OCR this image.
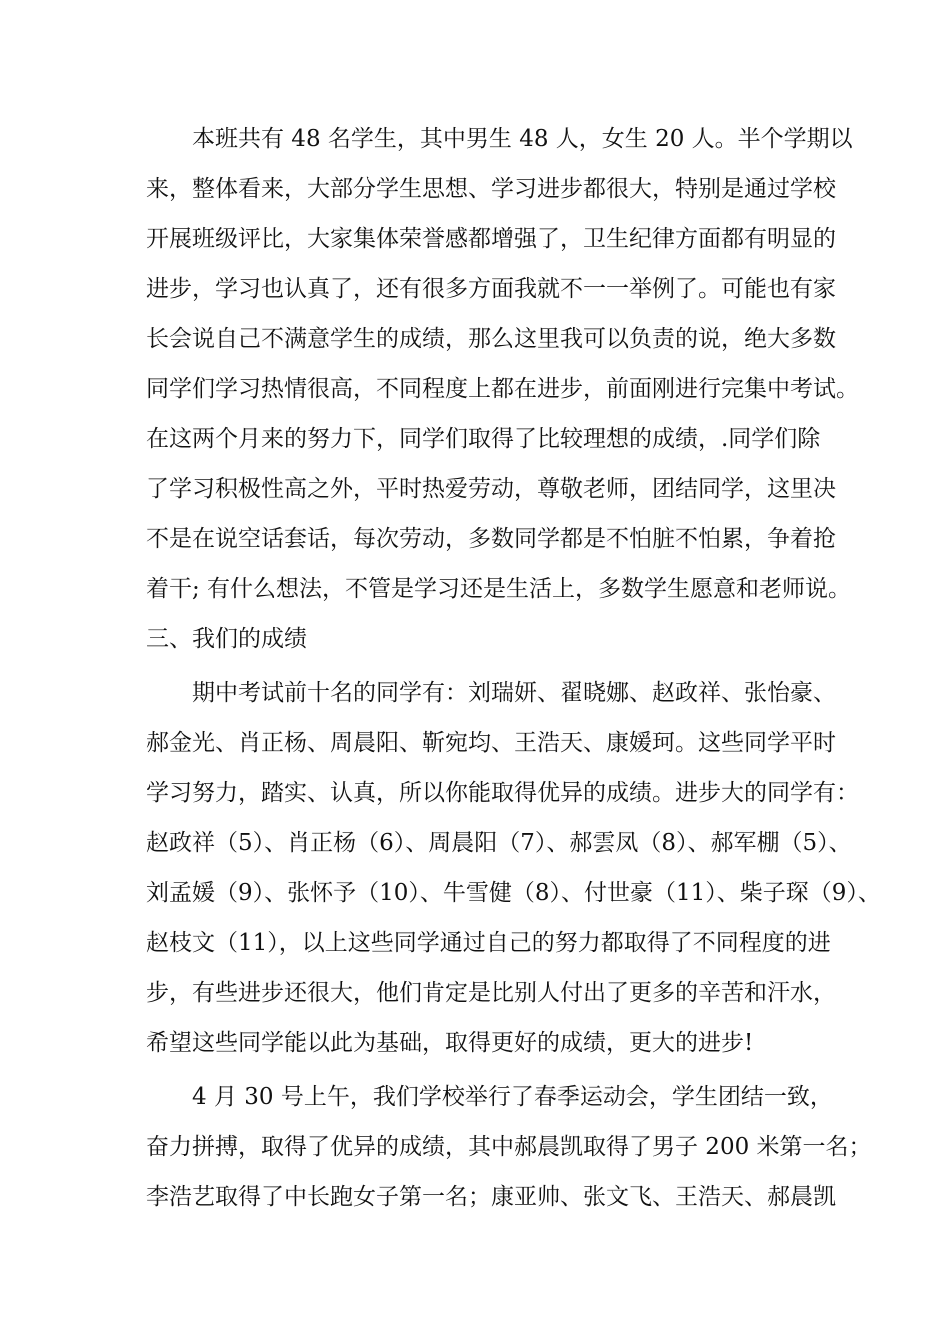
本班共有 48 名学生，其中男生 48 人，女生 20 人。半个学期以
来，整体看来，大部分学生思想、学习进步都很大，特别是通过学校
开展班级评比，大家集体荣誉感都增强了，卫生纪律方面都有明显的
进步，学习也认真了，还有很多方面我就不一一举例了。可能也有家
长会说自己不满意学生的成绩，那么这里我可以负责的说，绝大多数
同学们学习热情很高，不同程度上都在进步，前面刚进行完集中考试。
在这两个月来的努力下，同学们取得了比较理想的成绩，.同学们除
了学习积极性高之外，平时热爱劳动，尊敬老师，团结同学，这里决
不是在说空话套话，每次劳动，多数同学都是不怕脏不怕累，争着抢
着干; 有什么想法，不管是学习还是生活上，多数学生愿意和老师说。
三、我们的成绩
期中考试前十名的同学有：刘瑞妍、翟晓娜、赵政祥、张怡豪、
郝金光、肖正杨、周晨阳、靳宛均、王浩天、康媛珂。这些同学平时
学习努力，踏实、认真，所以你能取得优异的成绩。进步大的同学有：
赵政祥（5）、肖正杨（6）、周晨阳（7）、郝雲凤（8）、郝军棚（5）、
刘孟媛（9）、张怀予（10）、牛雪健（8）、付世豪（11）、柴子琛（9）、
赵枝文（11），以上这些同学通过自己的努力都取得了不同程度的进
步，有些进步还很大，他们肯定是比别人付出了更多的辛苦和汗水，
希望这些同学能以此为基础，取得更好的成绩，更大的进步!
4 月 30 号上午，我们学校举行了春季运动会，学生团结一致，
奋力拼搏，取得了优异的成绩，其中郝晨凯取得了男子 200 米第一名；
李浩艺取得了中长跑女子第一名；康亚帅、张文飞、王浩天、郝晨凯
